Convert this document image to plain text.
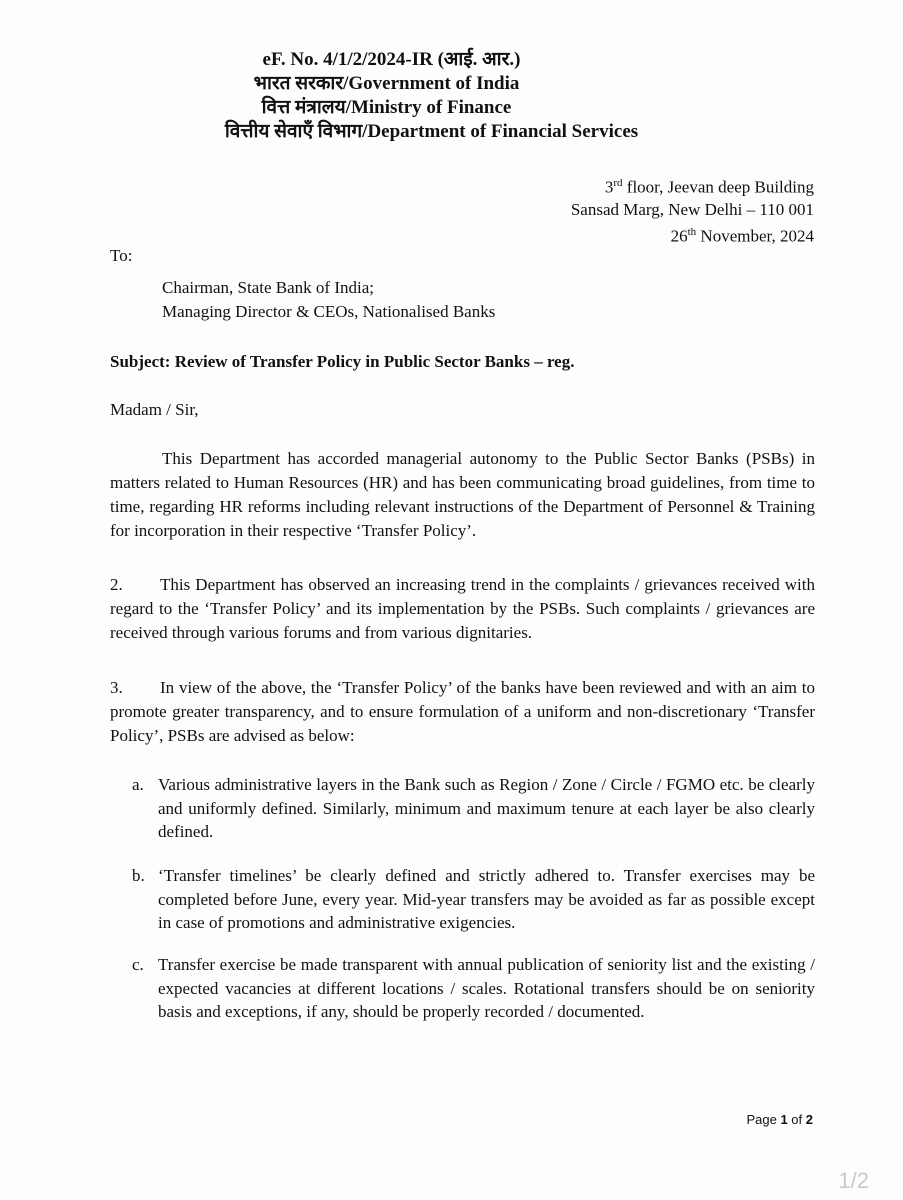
eF. No. 4/1/2/2024-IR (आई. आर.)
भारत सरकार/Government of India
वित्त मंत्रालय/Ministry of Finance
वित्तीय सेवाएँ विभाग/Department of Financial Services
3rd floor, Jeevan deep Building
Sansad Marg, New Delhi – 110 001
26th November, 2024
To:
Chairman, State Bank of India;
Managing Director & CEOs, Nationalised Banks
Subject: Review of Transfer Policy in Public Sector Banks – reg.
Madam / Sir,
This Department has accorded managerial autonomy to the Public Sector Banks (PSBs) in matters related to Human Resources (HR) and has been communicating broad guidelines, from time to time, regarding HR reforms including relevant instructions of the Department of Personnel & Training for incorporation in their respective ‘Transfer Policy’.
2. This Department has observed an increasing trend in the complaints / grievances received with regard to the ‘Transfer Policy’ and its implementation by the PSBs. Such complaints / grievances are received through various forums and from various dignitaries.
3. In view of the above, the ‘Transfer Policy’ of the banks have been reviewed and with an aim to promote greater transparency, and to ensure formulation of a uniform and non-discretionary ‘Transfer Policy’, PSBs are advised as below:
a. Various administrative layers in the Bank such as Region / Zone / Circle / FGMO etc. be clearly and uniformly defined. Similarly, minimum and maximum tenure at each layer be also clearly defined.
b. ‘Transfer timelines’ be clearly defined and strictly adhered to. Transfer exercises may be completed before June, every year. Mid-year transfers may be avoided as far as possible except in case of promotions and administrative exigencies.
c. Transfer exercise be made transparent with annual publication of seniority list and the existing / expected vacancies at different locations / scales. Rotational transfers should be on seniority basis and exceptions, if any, should be properly recorded / documented.
Page 1 of 2
1/2
